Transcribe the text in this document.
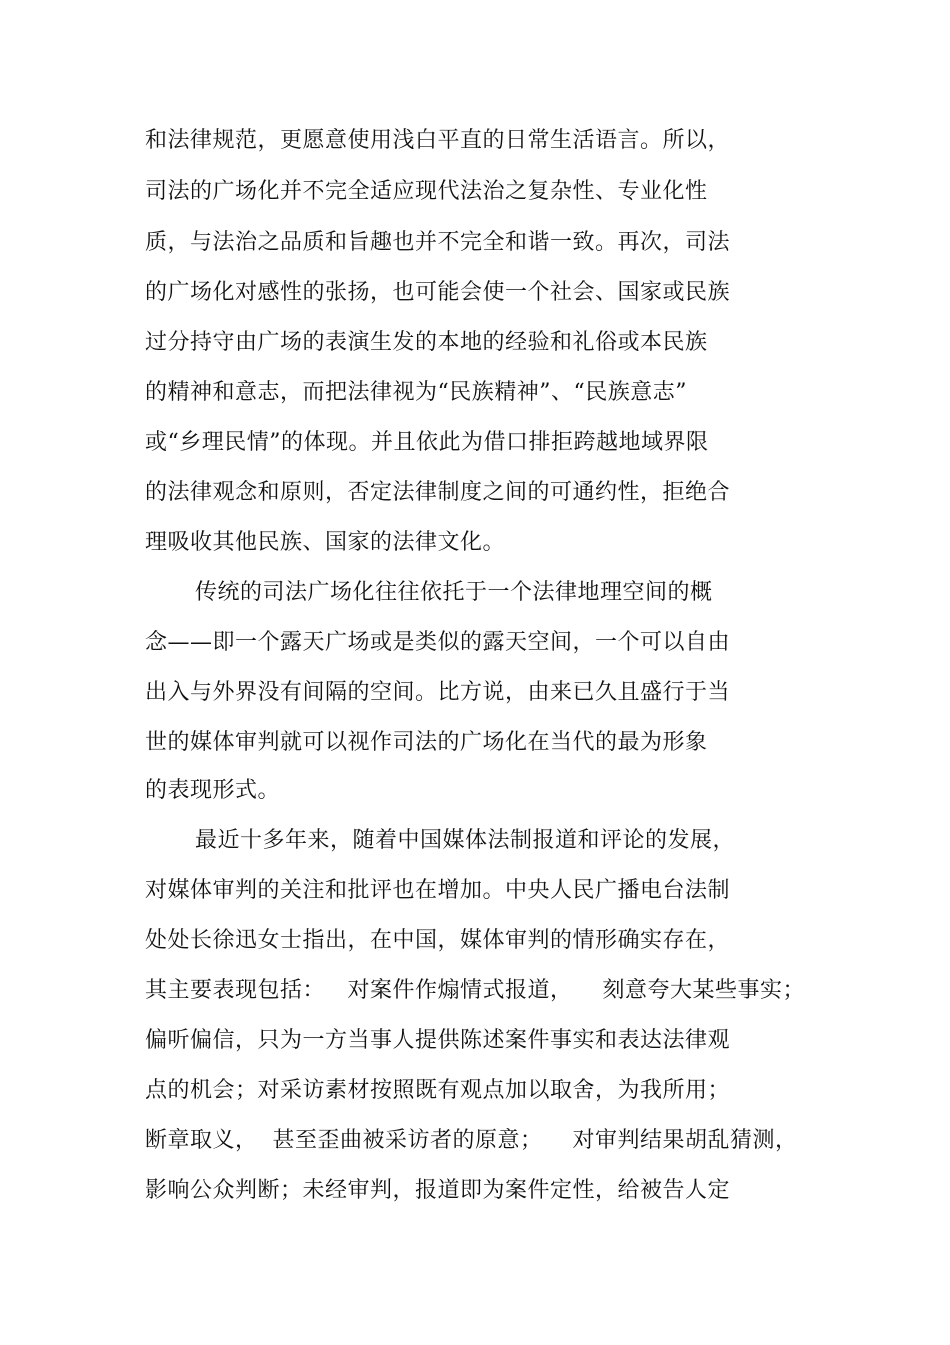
和法律规范，更愿意使用浅白平直的日常生活语言。所以，
司法的广场化并不完全适应现代法治之复杂性、专业化性
质，与法治之品质和旨趣也并不完全和谐一致。再次，司法
的广场化对感性的张扬，也可能会使一个社会、国家或民族
过分持守由广场的表演生发的本地的经验和礼俗或本民族
的精神和意志，而把法律视为“民族精神”、“民族意志”
或“乡理民情”的体现。并且依此为借口排拒跨越地域界限
的法律观念和原则，否定法律制度之间的可通约性，拒绝合
理吸收其他民族、国家的法律文化。
传统的司法广场化往往依托于一个法律地理空间的概
念——即一个露天广场或是类似的露天空间，一个可以自由
出入与外界没有间隔的空间。比方说，由来已久且盛行于当
世的媒体审判就可以视作司法的广场化在当代的最为形象
的表现形式。
最近十多年来，随着中国媒体法制报道和评论的发展，
对媒体审判的关注和批评也在增加。中央人民广播电台法制
处处长徐迅女士指出，在中国，媒体审判的情形确实存在，
其主要表现包括：   对案件作煽情式报道，    刻意夸大某些事实；
偏听偏信，只为一方当事人提供陈述案件事实和表达法律观
点的机会；对采访素材按照既有观点加以取舍，为我所用；
断章取义，  甚至歪曲被采访者的原意；    对审判结果胡乱猜测，
影响公众判断；未经审判，报道即为案件定性，给被告人定
